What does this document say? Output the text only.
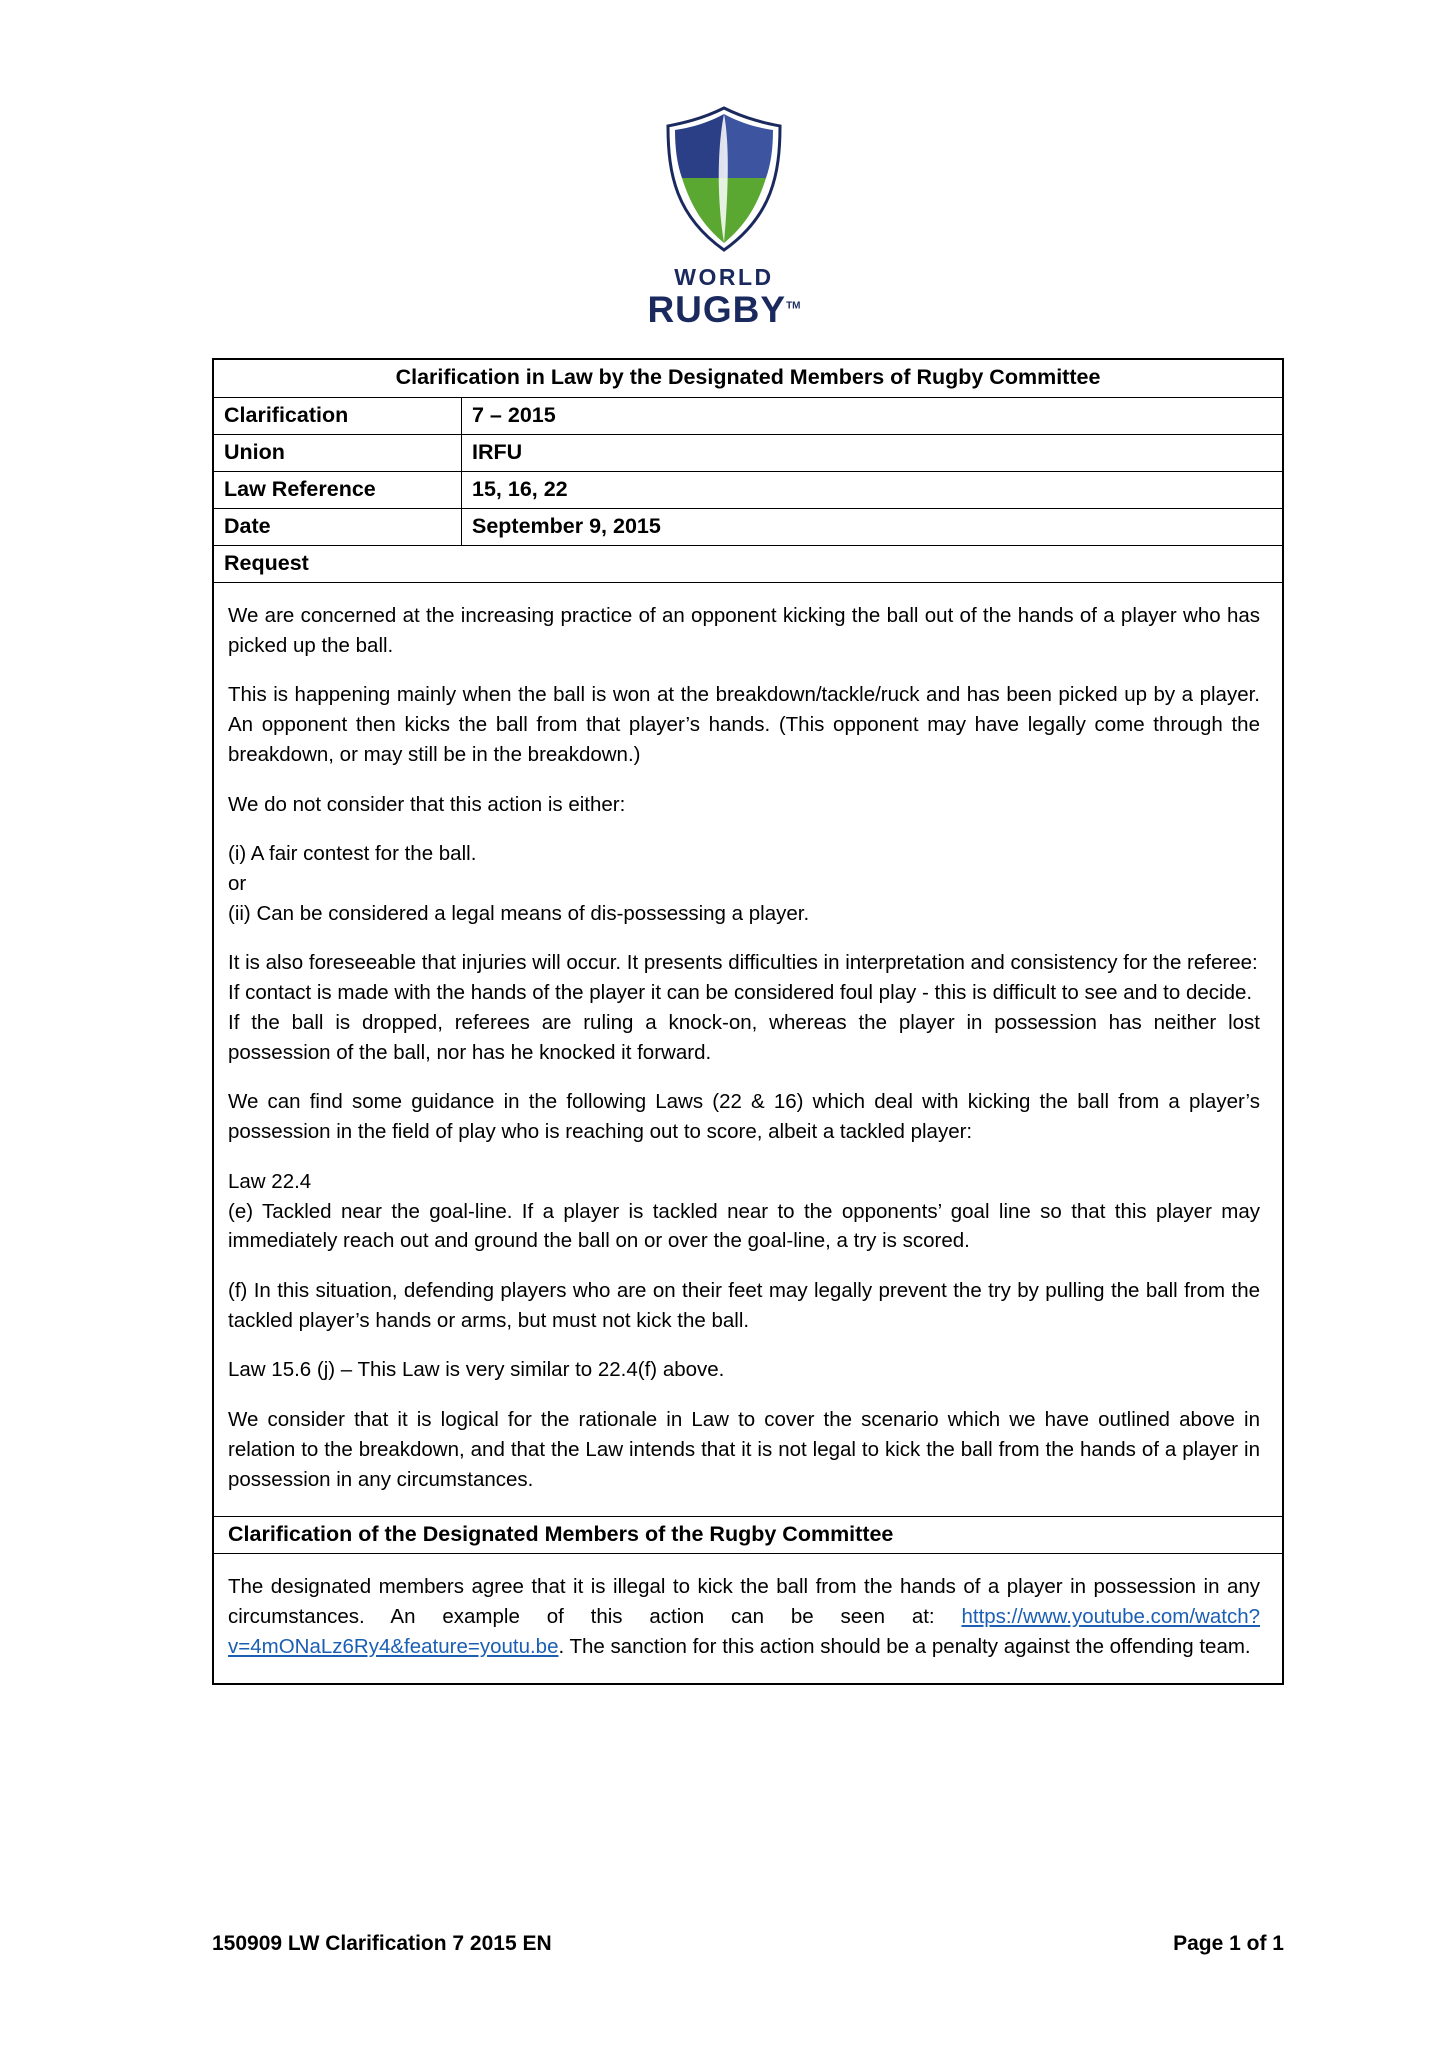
WORLD
RUGBY™
Clarification in Law by the Designated Members of Rugby Committee
Clarification	7 – 2015
Union	IRFU
Law Reference	15, 16, 22
Date	September 9, 2015
Request

We are concerned at the increasing practice of an opponent kicking the ball out of the hands of a player who has picked up the ball.

This is happening mainly when the ball is won at the breakdown/tackle/ruck and has been picked up by a player. An opponent then kicks the ball from that player’s hands. (This opponent may have legally come through the breakdown, or may still be in the breakdown.)

We do not consider that this action is either:

(i) A fair contest for the ball.

or

(ii) Can be considered a legal means of dis-possessing a player.

It is also foreseeable that injuries will occur. It presents difficulties in interpretation and consistency for the referee:

If contact is made with the hands of the player it can be considered foul play - this is difficult to see and to decide.

If the ball is dropped, referees are ruling a knock-on, whereas the player in possession has neither lost possession of the ball, nor has he knocked it forward.

We can find some guidance in the following Laws (22 & 16) which deal with kicking the ball from a player’s possession in the field of play who is reaching out to score, albeit a tackled player:

Law 22.4

(e) Tackled near the goal-line. If a player is tackled near to the opponents’ goal line so that this player may immediately reach out and ground the ball on or over the goal-line, a try is scored.

(f) In this situation, defending players who are on their feet may legally prevent the try by pulling the ball from the tackled player’s hands or arms, but must not kick the ball.

Law 15.6 (j) – This Law is very similar to 22.4(f) above.

We consider that it is logical for the rationale in Law to cover the scenario which we have outlined above in relation to the breakdown, and that the Law intends that it is not legal to kick the ball from the hands of a player in possession in any circumstances.

Clarification of the Designated Members of the Rugby Committee

The designated members agree that it is illegal to kick the ball from the hands of a player in possession in any circumstances. An example of this action can be seen at: https://www.youtube.com/watch?v=4mONaLz6Ry4&feature=youtu.be. The sanction for this action should be a penalty against the offending team.

150909 LW Clarification 7 2015 EN	Page 1 of 1
